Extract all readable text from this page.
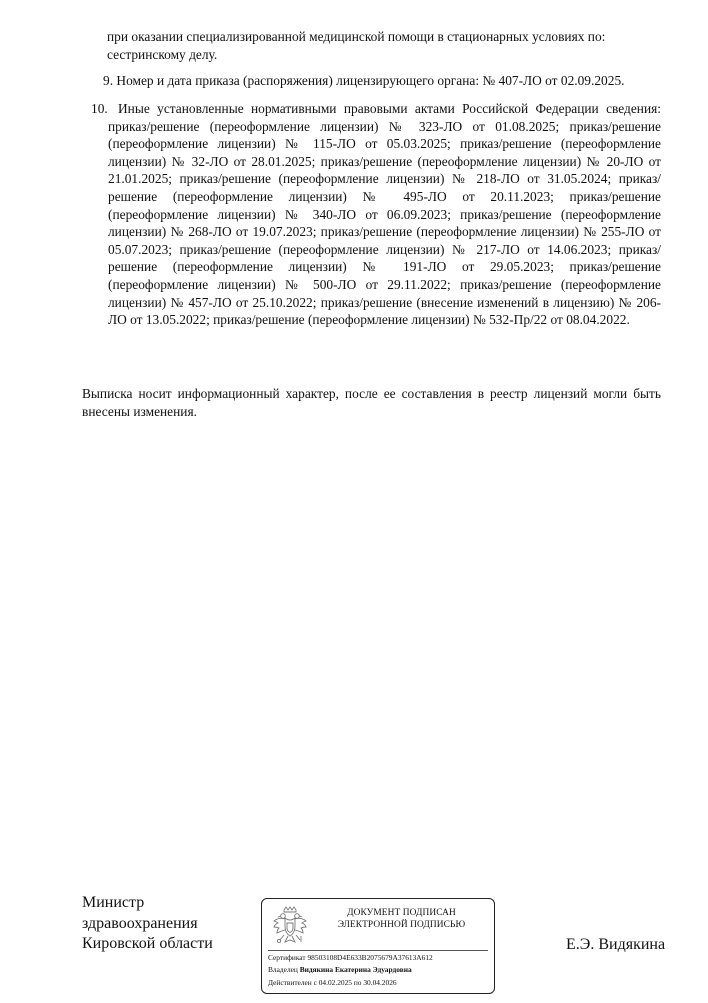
при оказании специализированной медицинской помощи в стационарных условиях по: сестринскому делу.
9. Номер и дата приказа (распоряжения) лицензирующего органа: № 407-ЛО от 02.09.2025.
10. Иные установленные нормативными правовыми актами Российской Федерации сведения: приказ/решение (переоформление лицензии) № 323-ЛО от 01.08.2025; приказ/решение (переоформление лицензии) № 115-ЛО от 05.03.2025; приказ/решение (переоформление лицензии) № 32-ЛО от 28.01.2025; приказ/решение (переоформление лицензии) № 20-ЛО от 21.01.2025; приказ/решение (переоформление лицензии) № 218-ЛО от 31.05.2024; приказ/решение (переоформление лицензии) № 495-ЛО от 20.11.2023; приказ/решение (переоформление лицензии) № 340-ЛО от 06.09.2023; приказ/решение (переоформление лицензии) № 268-ЛО от 19.07.2023; приказ/решение (переоформление лицензии) № 255-ЛО от 05.07.2023; приказ/решение (переоформление лицензии) № 217-ЛО от 14.06.2023; приказ/решение (переоформление лицензии) № 191-ЛО от 29.05.2023; приказ/решение (переоформление лицензии) № 500-ЛО от 29.11.2022; приказ/решение (переоформление лицензии) № 457-ЛО от 25.10.2022; приказ/решение (внесение изменений в лицензию) № 206-ЛО от 13.05.2022; приказ/решение (переоформление лицензии) № 532-Пр/22 от 08.04.2022.
Выписка носит информационный характер, после ее составления в реестр лицензий могли быть внесены изменения.
Министр
здравоохранения
Кировской области
ДОКУМЕНТ ПОДПИСАН
ЭЛЕКТРОННОЙ ПОДПИСЬЮ
Сертификат 98503108D4E633B2075679A37613A612
Владелец Видякина Екатерина Эдуардовна
Действителен с 04.02.2025 по 30.04.2026
Е.Э. Видякина
